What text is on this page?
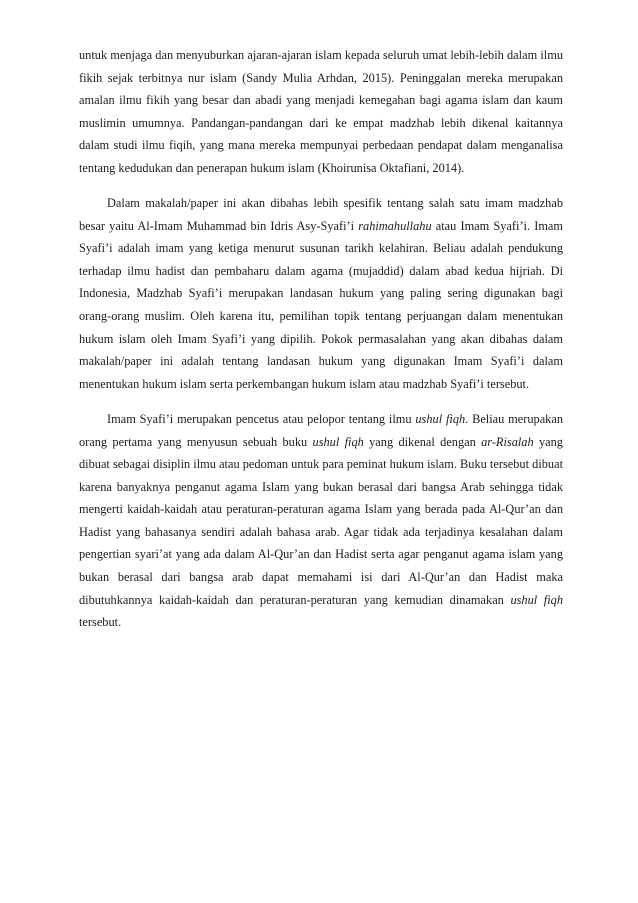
untuk menjaga dan menyuburkan ajaran-ajaran islam kepada seluruh umat lebih-lebih dalam ilmu fikih sejak terbitnya nur islam (Sandy Mulia Arhdan, 2015). Peninggalan mereka merupakan amalan ilmu fikih yang besar dan abadi yang menjadi kemegahan bagi agama islam dan kaum muslimin umumnya. Pandangan-pandangan dari ke empat madzhab lebih dikenal kaitannya dalam studi ilmu fiqih, yang mana mereka mempunyai perbedaan pendapat dalam menganalisa tentang kedudukan dan penerapan hukum islam (Khoirunisa Oktafiani, 2014).

Dalam makalah/paper ini akan dibahas lebih spesifik tentang salah satu imam madzhab besar yaitu Al-Imam Muhammad bin Idris Asy-Syafi’i rahimahullahu atau Imam Syafi’i. Imam Syafi’i adalah imam yang ketiga menurut susunan tarikh kelahiran. Beliau adalah pendukung terhadap ilmu hadist dan pembaharu dalam agama (mujaddid) dalam abad kedua hijriah. Di Indonesia, Madzhab Syafi’i merupakan landasan hukum yang paling sering digunakan bagi orang-orang muslim. Oleh karena itu, pemilihan topik tentang perjuangan dalam menentukan hukum islam oleh Imam Syafi’i yang dipilih. Pokok permasalahan yang akan dibahas dalam makalah/paper ini adalah tentang landasan hukum yang digunakan Imam Syafi’i dalam menentukan hukum islam serta perkembangan hukum islam atau madzhab Syafi’i tersebut.

Imam Syafi’i merupakan pencetus atau pelopor tentang ilmu ushul fiqh. Beliau merupakan orang pertama yang menyusun sebuah buku ushul fiqh yang dikenal dengan ar-Risalah yang dibuat sebagai disiplin ilmu atau pedoman untuk para peminat hukum islam. Buku tersebut dibuat karena banyaknya penganut agama Islam yang bukan berasal dari bangsa Arab sehingga tidak mengerti kaidah-kaidah atau peraturan-peraturan agama Islam yang berada pada Al-Qur’an dan Hadist yang bahasanya sendiri adalah bahasa arab. Agar tidak ada terjadinya kesalahan dalam pengertian syari’at yang ada dalam Al-Qur’an dan Hadist serta agar penganut agama islam yang bukan berasal dari bangsa arab dapat memahami isi dari Al-Qur’an dan Hadist maka dibutuhkannya kaidah-kaidah dan peraturan-peraturan yang kemudian dinamakan ushul fiqh tersebut.
